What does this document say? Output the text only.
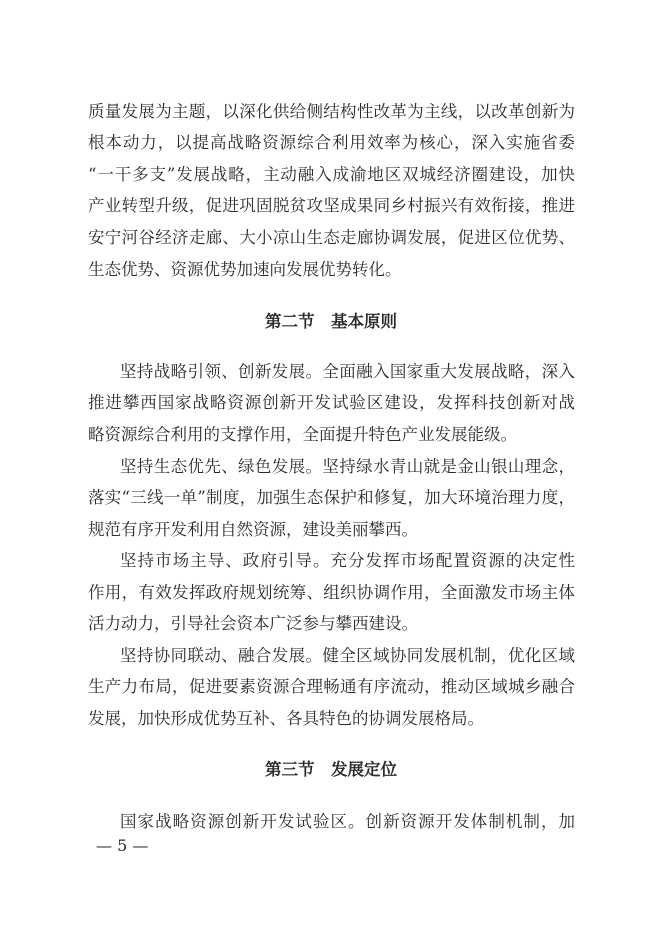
质量发展为主题，以深化供给侧结构性改革为主线，以改革创新为
根本动力，以提高战略资源综合利用效率为核心，深入实施省委
“一干多支”发展战略，主动融入成渝地区双城经济圈建设，加快
产业转型升级，促进巩固脱贫攻坚成果同乡村振兴有效衔接，推进
安宁河谷经济走廊、大小凉山生态走廊协调发展，促进区位优势、
生态优势、资源优势加速向发展优势转化。
第二节　基本原则
坚持战略引领、创新发展。全面融入国家重大发展战略，深入
推进攀西国家战略资源创新开发试验区建设，发挥科技创新对战
略资源综合利用的支撑作用，全面提升特色产业发展能级。
坚持生态优先、绿色发展。坚持绿水青山就是金山银山理念，
落实“三线一单”制度，加强生态保护和修复，加大环境治理力度，
规范有序开发利用自然资源，建设美丽攀西。
坚持市场主导、政府引导。充分发挥市场配置资源的决定性
作用，有效发挥政府规划统筹、组织协调作用，全面激发市场主体
活力动力，引导社会资本广泛参与攀西建设。
坚持协同联动、融合发展。健全区域协同发展机制，优化区域
生产力布局，促进要素资源合理畅通有序流动，推动区域城乡融合
发展，加快形成优势互补、各具特色的协调发展格局。
第三节　发展定位
国家战略资源创新开发试验区。创新资源开发体制机制，加
— 5 —
